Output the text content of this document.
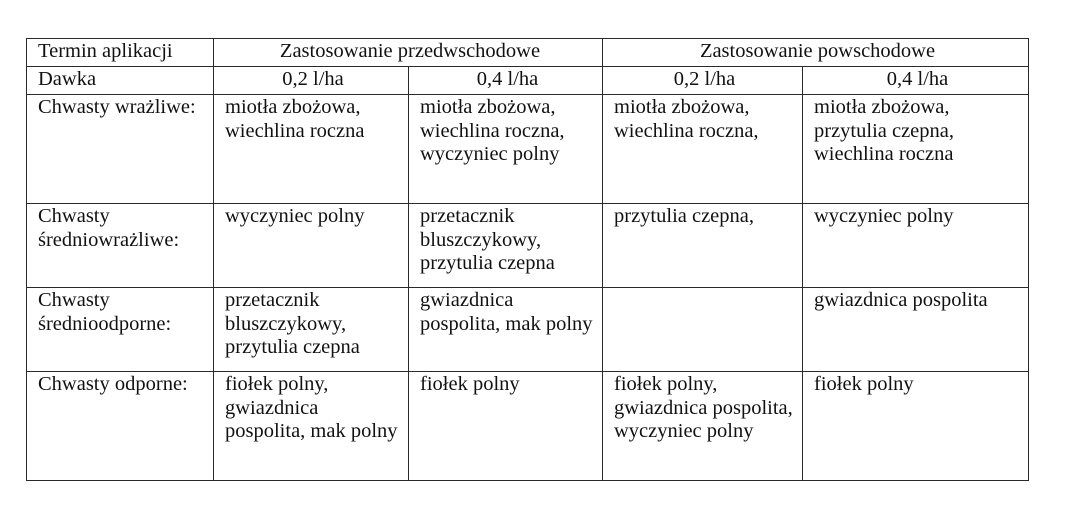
Termin aplikacji	Zastosowanie przedwschodowe		Zastosowanie powschodowe	
Dawka	0,2 l/ha	0,4 l/ha	0,2 l/ha	0,4 l/ha
Chwasty wrażliwe:	miotła zbożowa, wiechlina roczna	miotła zbożowa, wiechlina roczna, wyczyniec polny	miotła zbożowa, wiechlina roczna,	miotła zbożowa, przytulia czepna, wiechlina roczna
Chwasty średniowrażliwe:	wyczyniec polny	przetacznik bluszczykowy, przytulia czepna	przytulia czepna,	wyczyniec polny
Chwasty średnioodporne:	przetacznik bluszczykowy, przytulia czepna	gwiazdnica pospolita, mak polny		gwiazdnica pospolita
Chwasty odporne:	fiołek polny, gwiazdnica pospolita, mak polny	fiołek polny	fiołek polny, gwiazdnica pospolita, wyczyniec polny	fiołek polny
